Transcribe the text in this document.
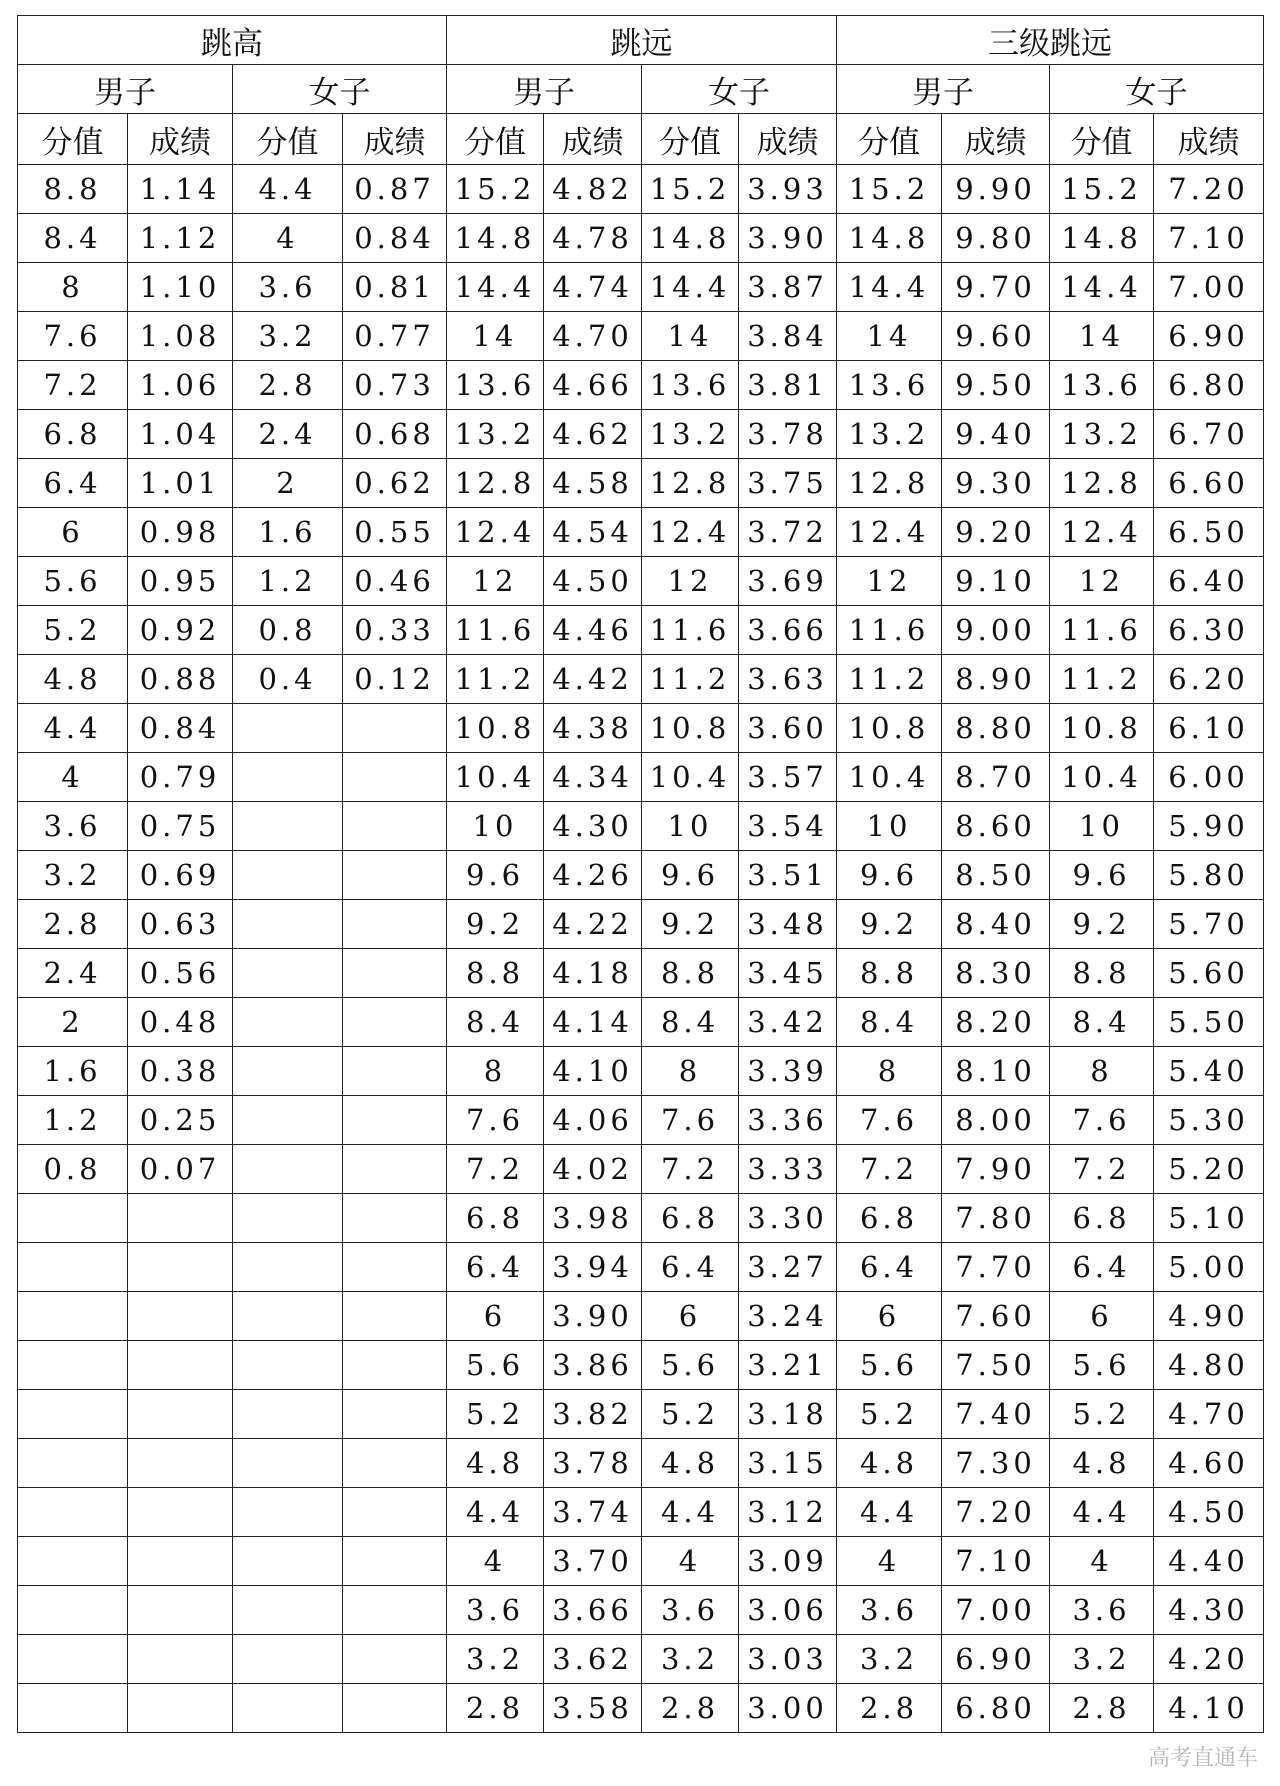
跳高				跳远				三级跳远			
男子		女子		男子		女子		男子		女子	
分值	成绩	分值	成绩	分值	成绩	分值	成绩	分值	成绩	分值	成绩
8.8	1.14	4.4	0.87	15.2	4.82	15.2	3.93	15.2	9.90	15.2	7.20
8.4	1.12	4	0.84	14.8	4.78	14.8	3.90	14.8	9.80	14.8	7.10
8	1.10	3.6	0.81	14.4	4.74	14.4	3.87	14.4	9.70	14.4	7.00
7.6	1.08	3.2	0.77	14	4.70	14	3.84	14	9.60	14	6.90
7.2	1.06	2.8	0.73	13.6	4.66	13.6	3.81	13.6	9.50	13.6	6.80
6.8	1.04	2.4	0.68	13.2	4.62	13.2	3.78	13.2	9.40	13.2	6.70
6.4	1.01	2	0.62	12.8	4.58	12.8	3.75	12.8	9.30	12.8	6.60
6	0.98	1.6	0.55	12.4	4.54	12.4	3.72	12.4	9.20	12.4	6.50
5.6	0.95	1.2	0.46	12	4.50	12	3.69	12	9.10	12	6.40
5.2	0.92	0.8	0.33	11.6	4.46	11.6	3.66	11.6	9.00	11.6	6.30
4.8	0.88	0.4	0.12	11.2	4.42	11.2	3.63	11.2	8.90	11.2	6.20
4.4	0.84			10.8	4.38	10.8	3.60	10.8	8.80	10.8	6.10
4	0.79			10.4	4.34	10.4	3.57	10.4	8.70	10.4	6.00
3.6	0.75			10	4.30	10	3.54	10	8.60	10	5.90
3.2	0.69			9.6	4.26	9.6	3.51	9.6	8.50	9.6	5.80
2.8	0.63			9.2	4.22	9.2	3.48	9.2	8.40	9.2	5.70
2.4	0.56			8.8	4.18	8.8	3.45	8.8	8.30	8.8	5.60
2	0.48			8.4	4.14	8.4	3.42	8.4	8.20	8.4	5.50
1.6	0.38			8	4.10	8	3.39	8	8.10	8	5.40
1.2	0.25			7.6	4.06	7.6	3.36	7.6	8.00	7.6	5.30
0.8	0.07			7.2	4.02	7.2	3.33	7.2	7.90	7.2	5.20
				6.8	3.98	6.8	3.30	6.8	7.80	6.8	5.10
				6.4	3.94	6.4	3.27	6.4	7.70	6.4	5.00
				6	3.90	6	3.24	6	7.60	6	4.90
				5.6	3.86	5.6	3.21	5.6	7.50	5.6	4.80
				5.2	3.82	5.2	3.18	5.2	7.40	5.2	4.70
				4.8	3.78	4.8	3.15	4.8	7.30	4.8	4.60
				4.4	3.74	4.4	3.12	4.4	7.20	4.4	4.50
				4	3.70	4	3.09	4	7.10	4	4.40
				3.6	3.66	3.6	3.06	3.6	7.00	3.6	4.30
				3.2	3.62	3.2	3.03	3.2	6.90	3.2	4.20
				2.8	3.58	2.8	3.00	2.8	6.80	2.8	4.10
高考直通车
